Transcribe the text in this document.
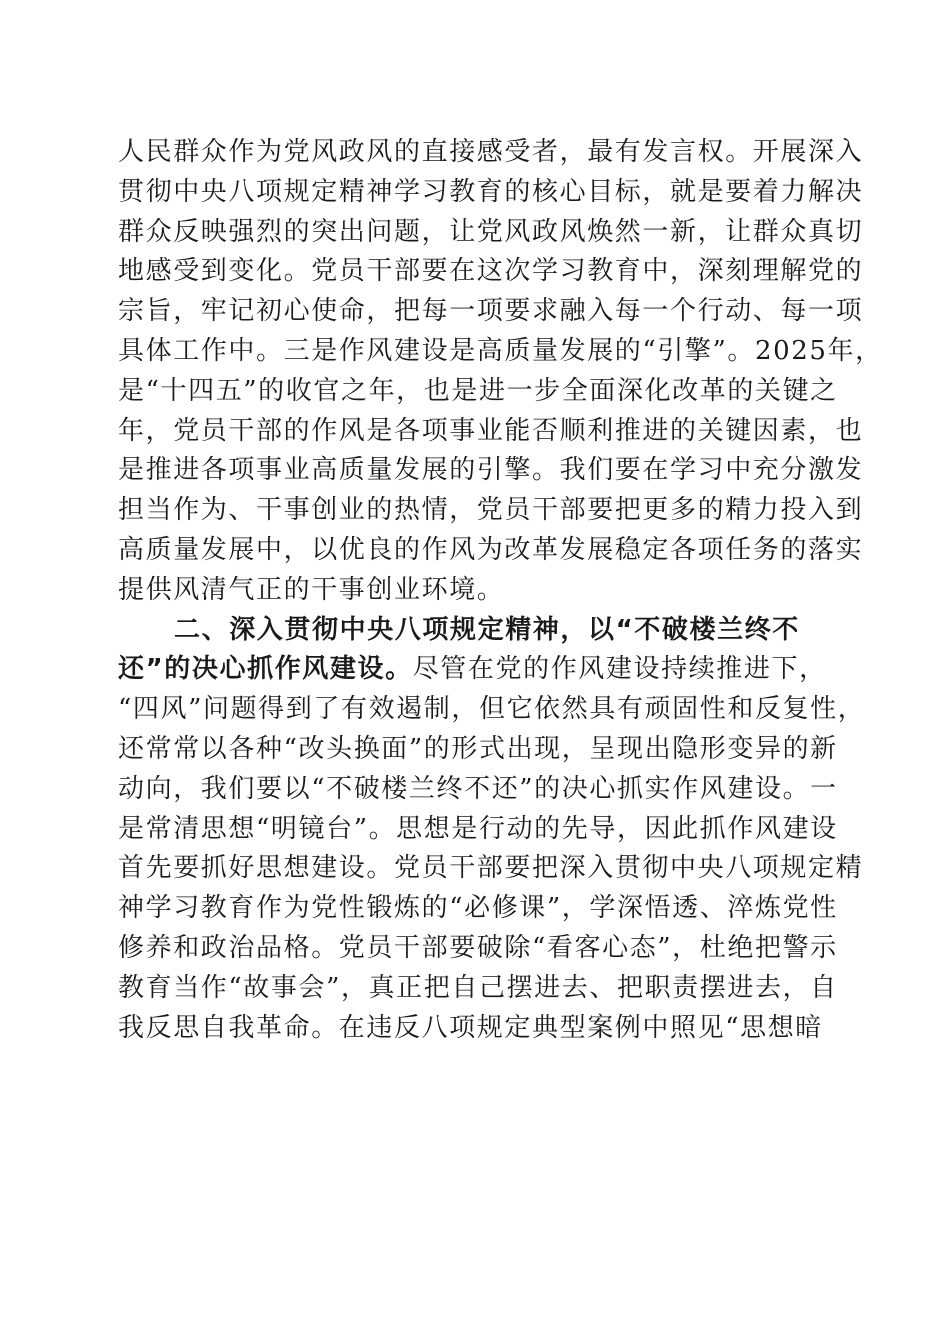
人民群众作为党风政风的直接感受者，最有发言权。开展深入
贯彻中央八项规定精神学习教育的核心目标，就是要着力解决
群众反映强烈的突出问题，让党风政风焕然一新，让群众真切
地感受到变化。党员干部要在这次学习教育中，深刻理解党的
宗旨，牢记初心使命，把每一项要求融入每一个行动、每一项
具体工作中。三是作风建设是高质量发展的“引擎”。2025年，
是“十四五”的收官之年，也是进一步全面深化改革的关键之
年，党员干部的作风是各项事业能否顺利推进的关键因素，也
是推进各项事业高质量发展的引擎。我们要在学习中充分激发
担当作为、干事创业的热情，党员干部要把更多的精力投入到
高质量发展中，以优良的作风为改革发展稳定各项任务的落实
提供风清气正的干事创业环境。
二、深入贯彻中央八项规定精神，以“不破楼兰终不
还”的决心抓作风建设。尽管在党的作风建设持续推进下，
“四风”问题得到了有效遏制，但它依然具有顽固性和反复性，
还常常以各种“改头换面”的形式出现，呈现出隐形变异的新
动向，我们要以“不破楼兰终不还”的决心抓实作风建设。一
是常清思想“明镜台”。思想是行动的先导，因此抓作风建设
首先要抓好思想建设。党员干部要把深入贯彻中央八项规定精
神学习教育作为党性锻炼的“必修课”，学深悟透、淬炼党性
修养和政治品格。党员干部要破除“看客心态”，杜绝把警示
教育当作“故事会”，真正把自己摆进去、把职责摆进去，自
我反思自我革命。在违反八项规定典型案例中照见“思想暗
